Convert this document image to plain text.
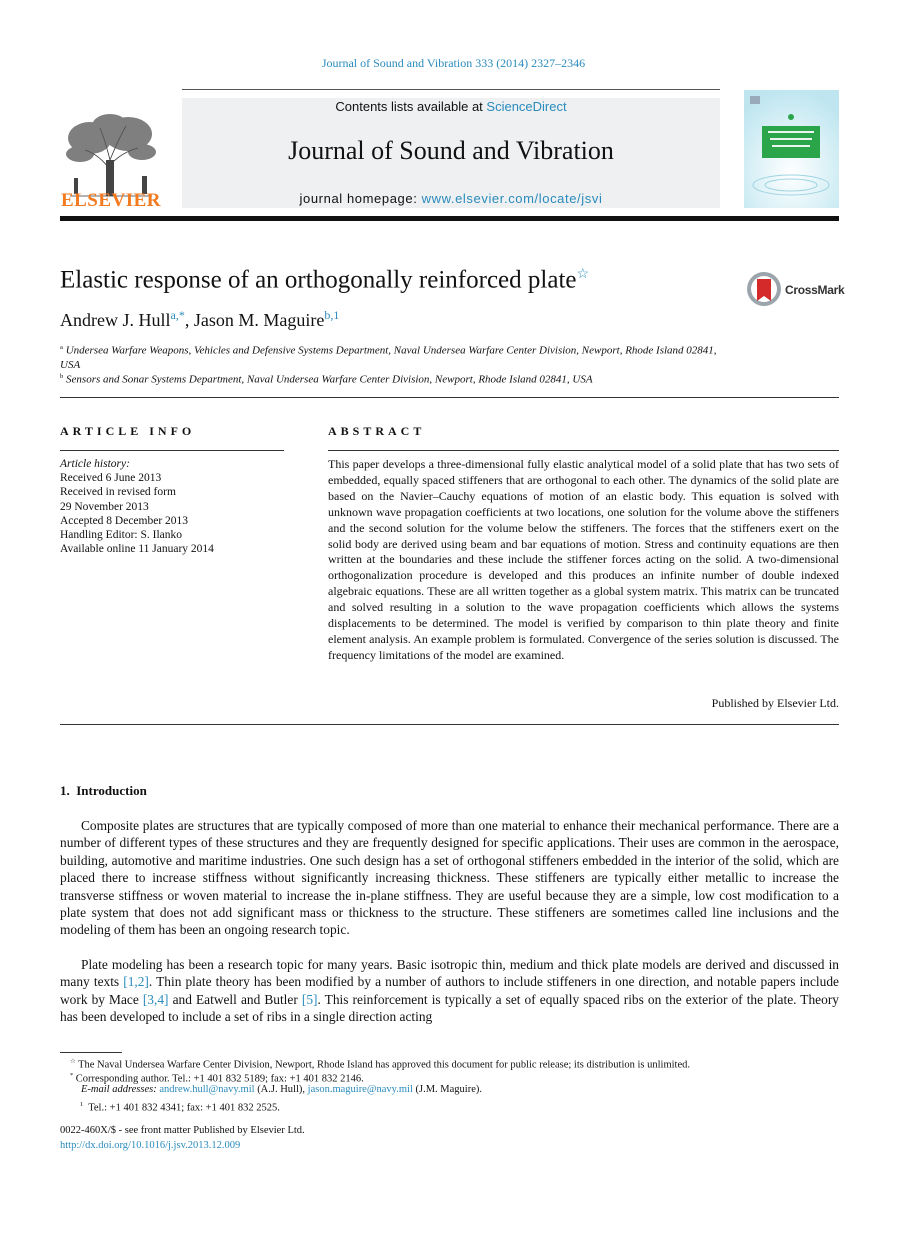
Journal of Sound and Vibration 333 (2014) 2327–2346
ELSEVIER
Contents lists available at ScienceDirect
Journal of Sound and Vibration
journal homepage: www.elsevier.com/locate/jsvi
Elastic response of an orthogonally reinforced plate☆
CrossMark
Andrew J. Hull$^{a,*}$, Jason M. Maguire$^{b,1}$
$^a$ Undersea Warfare Weapons, Vehicles and Defensive Systems Department, Naval Undersea Warfare Center Division, Newport, Rhode Island 02841, USA
$^b$ Sensors and Sonar Systems Department, Naval Undersea Warfare Center Division, Newport, Rhode Island 02841, USA
ARTICLE INFO	ABSTRACT
Article history:
Received 6 June 2013
Received in revised form
29 November 2013
Accepted 8 December 2013
Handling Editor: S. Ilanko
Available online 11 January 2014
This paper develops a three-dimensional fully elastic analytical model of a solid plate that has two sets of embedded, equally spaced stiffeners that are orthogonal to each other. The dynamics of the solid plate are based on the Navier–Cauchy equations of motion of an elastic body. This equation is solved with unknown wave propagation coefficients at two locations, one solution for the volume above the stiffeners and the second solution for the volume below the stiffeners. The forces that the stiffeners exert on the solid body are derived using beam and bar equations of motion. Stress and continuity equations are then written at the boundaries and these include the stiffener forces acting on the solid. A two-dimensional orthogonalization procedure is developed and this produces an infinite number of double indexed algebraic equations. These are all written together as a global system matrix. This matrix can be truncated and solved resulting in a solution to the wave propagation coefficients which allows the systems displacements to be determined. The model is verified by comparison to thin plate theory and finite element analysis. An example problem is formulated. Convergence of the series solution is discussed. The frequency limitations of the model are examined.
Published by Elsevier Ltd.
1.  Introduction
Composite plates are structures that are typically composed of more than one material to enhance their mechanical performance. There are a number of different types of these structures and they are frequently designed for specific applications. Their uses are common in the aerospace, building, automotive and maritime industries. One such design has a set of orthogonal stiffeners embedded in the interior of the solid, which are placed there to increase stiffness without significantly increasing thickness. These stiffeners are typically either metallic to increase the transverse stiffness or woven material to increase the in-plane stiffness. They are useful because they are a simple, low cost modification to a plate system that does not add significant mass or thickness to the structure. These stiffeners are sometimes called line inclusions and the modeling of them has been an ongoing research topic.
Plate modeling has been a research topic for many years. Basic isotropic thin, medium and thick plate models are derived and discussed in many texts [1,2]. Thin plate theory has been modified by a number of authors to include stiffeners in one direction, and notable papers include work by Mace [3,4] and Eatwell and Butler [5]. This reinforcement is typically a set of equally spaced ribs on the exterior of the plate. Theory has been developed to include a set of ribs in a single direction acting
☆ The Naval Undersea Warfare Center Division, Newport, Rhode Island has approved this document for public release; its distribution is unlimited.
* Corresponding author. Tel.: +1 401 832 5189; fax: +1 401 832 2146.
E-mail addresses: andrew.hull@navy.mil (A.J. Hull), jason.maguire@navy.mil (J.M. Maguire).
$^1$ Tel.: +1 401 832 4341; fax: +1 401 832 2525.
0022-460X/$ - see front matter Published by Elsevier Ltd.
http://dx.doi.org/10.1016/j.jsv.2013.12.009
